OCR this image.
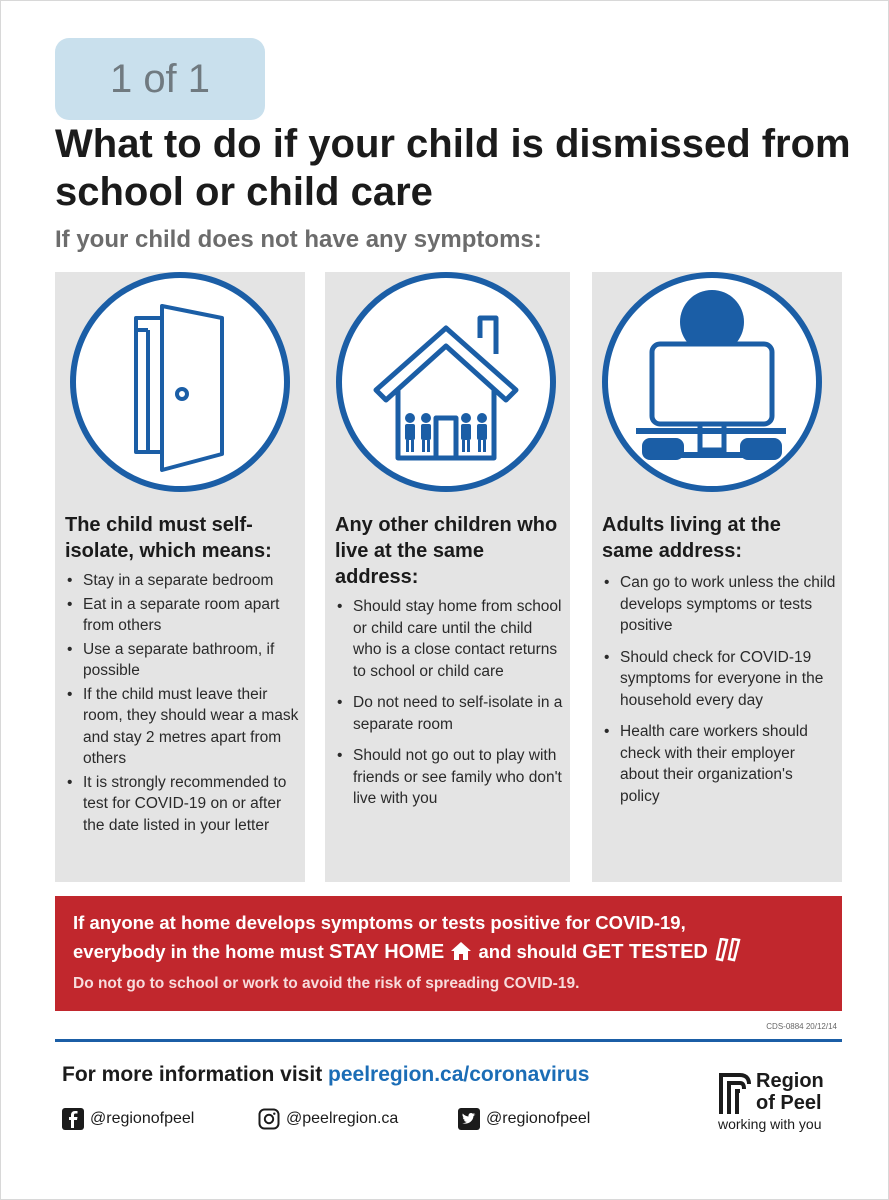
1 of 1
What to do if your child is dismissed from school or child care
If your child does not have any symptoms:
The child must self-isolate, which means:
• Stay in a separate bedroom
• Eat in a separate room apart from others
• Use a separate bathroom, if possible
• If the child must leave their room, they should wear a mask and stay 2 metres apart from others
• It is strongly recommended to test for COVID-19 on or after the date listed in your letter
Any other children who live at the same address:
• Should stay home from school or child care until the child who is a close contact returns to school or child care
• Do not need to self-isolate in a separate room
• Should not go out to play with friends or see family who don't live with you
Adults living at the same address:
• Can go to work unless the child develops symptoms or tests positive
• Should check for COVID-19 symptoms for everyone in the household every day
• Health care workers should check with their employer about their organization's policy

If anyone at home develops symptoms or tests positive for COVID-19,

everybody in the home must STAY HOME  and should GET TESTED

Do not go to school or work to avoid the risk of spreading COVID-19.

CDS-0884 20/12/14

For more information visit peelregion.ca/coronavirus

@regionofpeel	@peelregion.ca	@regionofpeel
Region
of Peel
working with you
